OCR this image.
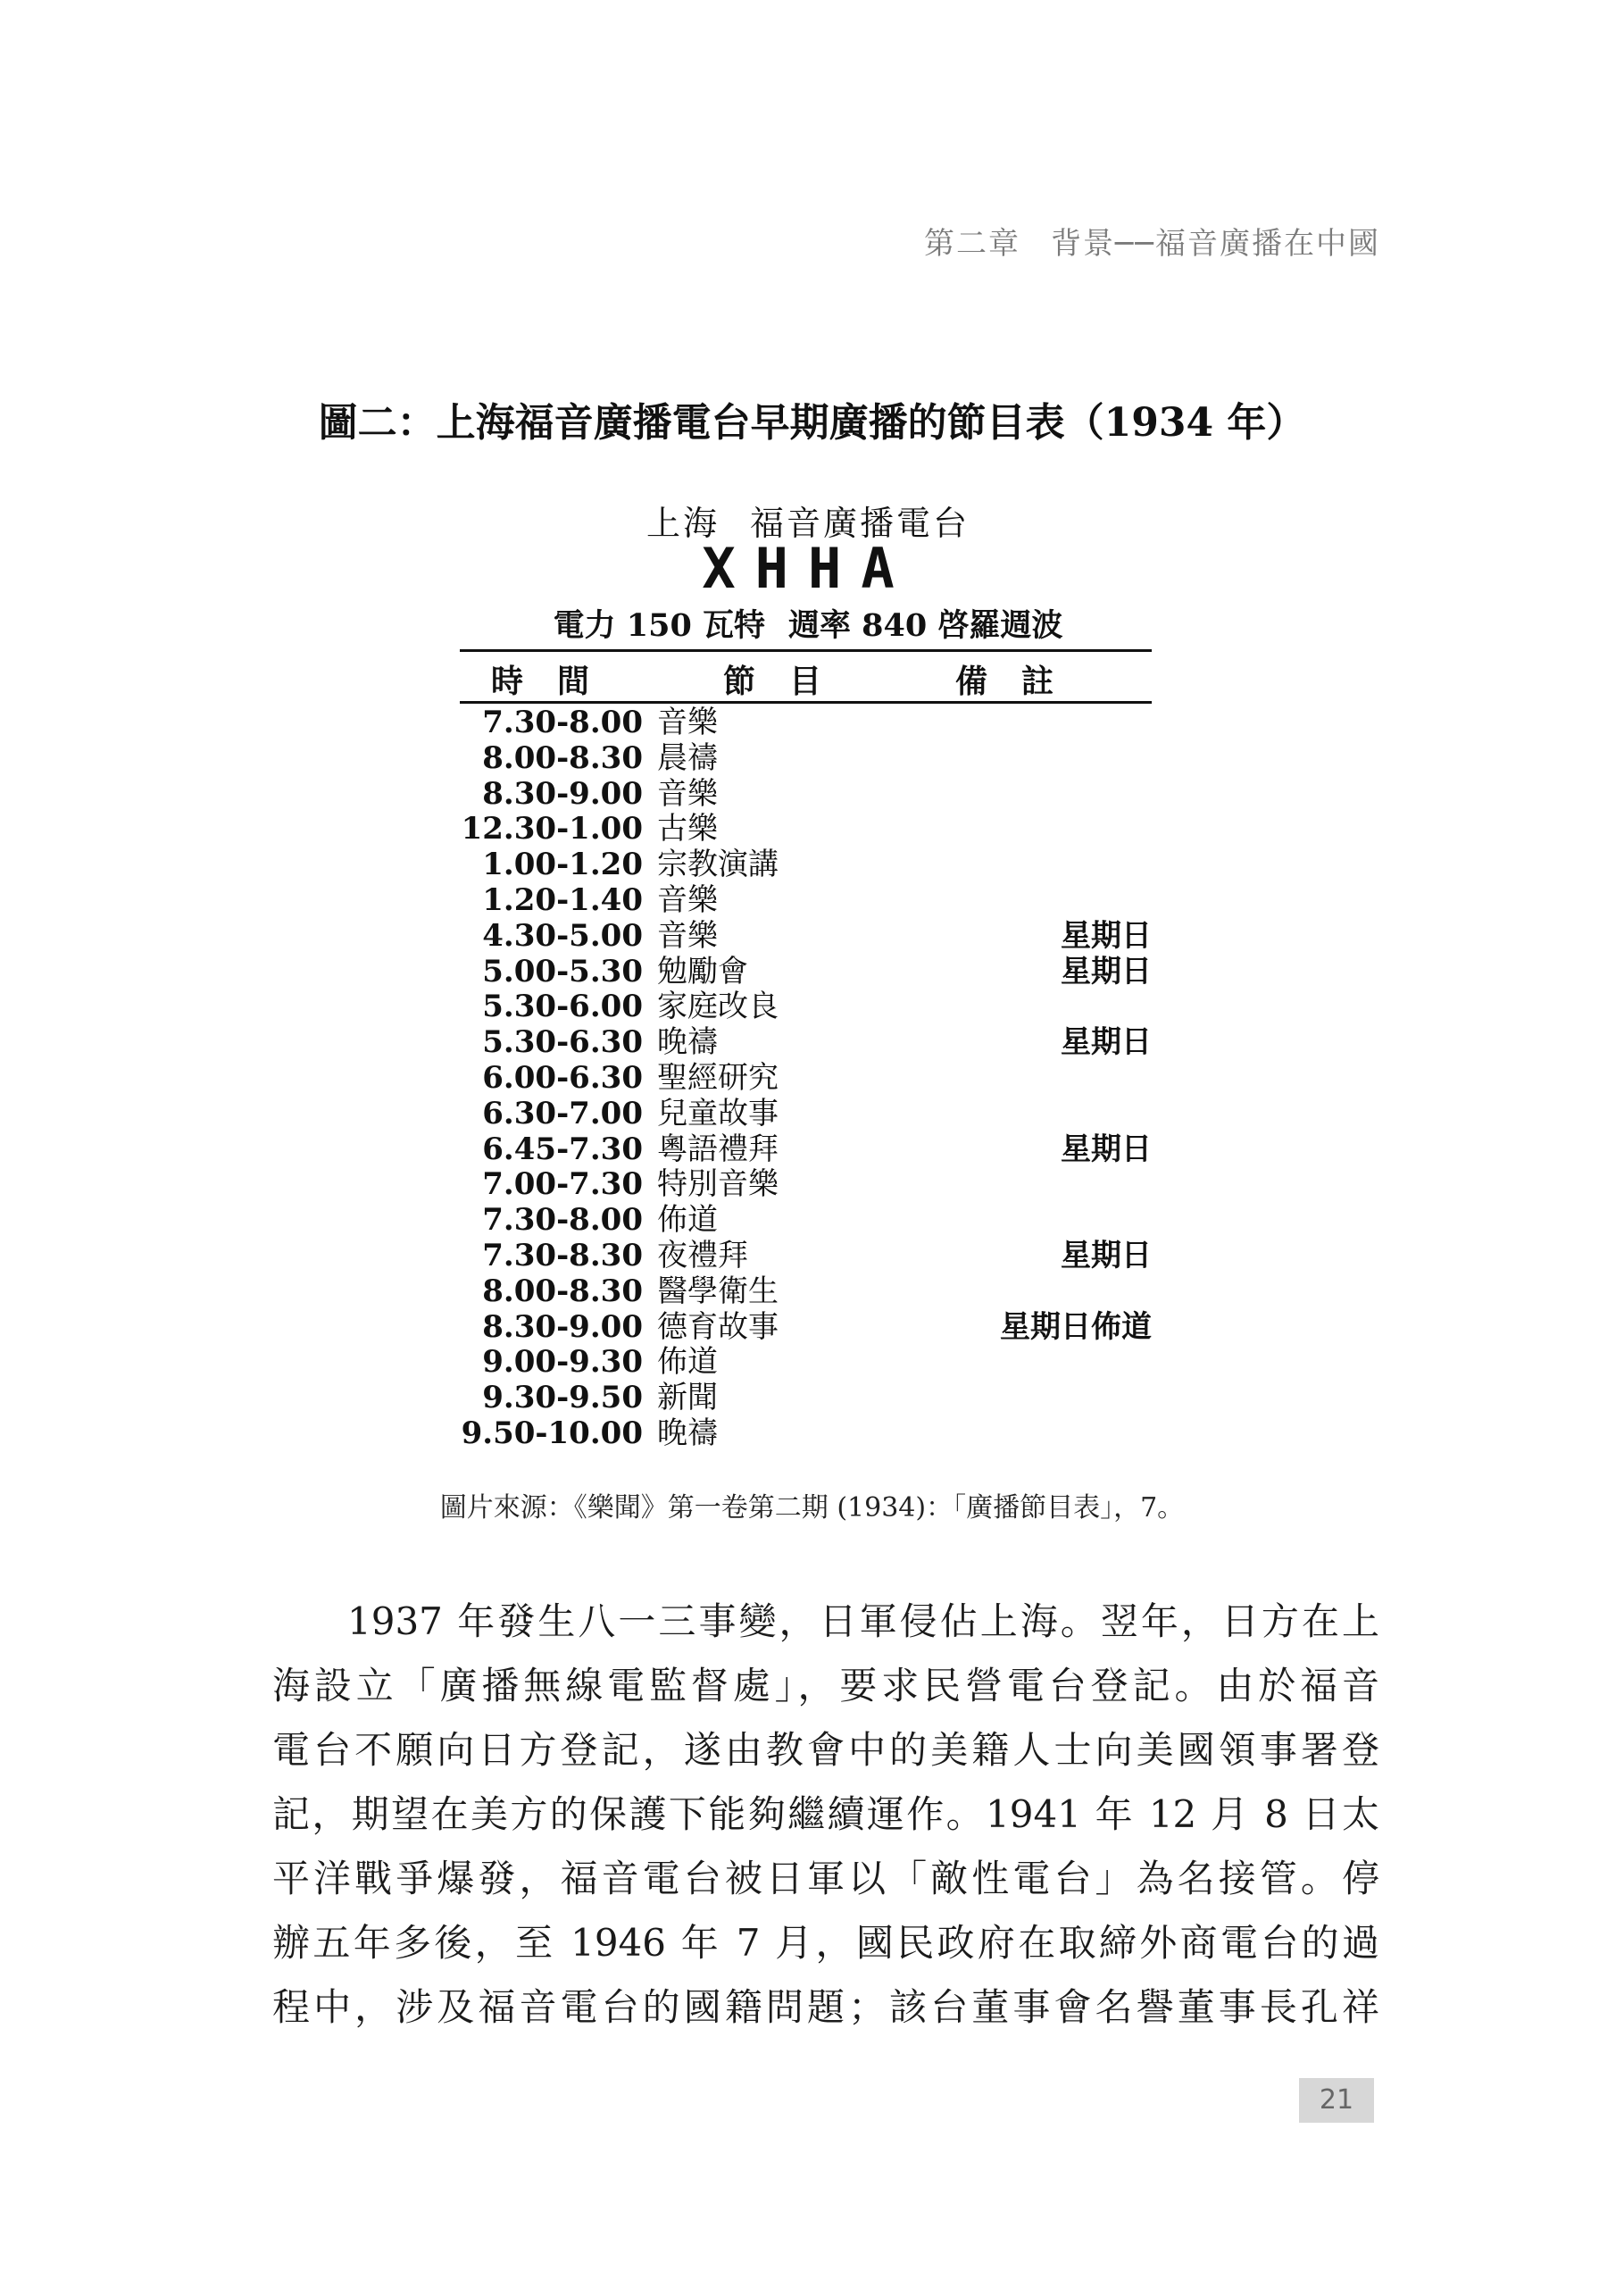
第二章 背景──福音廣播在中國
圖二：上海福音廣播電台早期廣播的節目表（1934 年）
上海 福音廣播電台
XHHA
電力 150 瓦特 週率 840 啓羅週波
時間	節目	備註
7.30-8.00 音樂
8.00-8.30 晨禱
8.30-9.00 音樂
12.30-1.00 古樂
1.00-1.20 宗教演講
1.20-1.40 音樂
4.30-5.00 音樂	星期日
5.00-5.30 勉勵會	星期日
5.30-6.00 家庭改良
5.30-6.30 晚禱	星期日
6.00-6.30 聖經研究
6.30-7.00 兒童故事
6.45-7.30 粵語禮拜	星期日
7.00-7.30 特別音樂
7.30-8.00 佈道
7.30-8.30 夜禮拜	星期日
8.00-8.30 醫學衛生
8.30-9.00 德育故事	星期日佈道
9.00-9.30 佈道
9.30-9.50 新聞
9.50-10.00 晚禱
圖片來源：《樂聞》第一卷第二期 (1934)：「廣播節目表」，7。
1937 年發生八一三事變，日軍侵佔上海。翌年，日方在上
海設立「廣播無線電監督處」，要求民營電台登記。由於福音
電台不願向日方登記，遂由教會中的美籍人士向美國領事署登
記，期望在美方的保護下能夠繼續運作。1941 年 12 月 8 日太
平洋戰爭爆發，福音電台被日軍以「敵性電台」為名接管。停
辦五年多後，至 1946 年 7 月，國民政府在取締外商電台的過
程中，涉及福音電台的國籍問題；該台董事會名譽董事長孔祥
21
